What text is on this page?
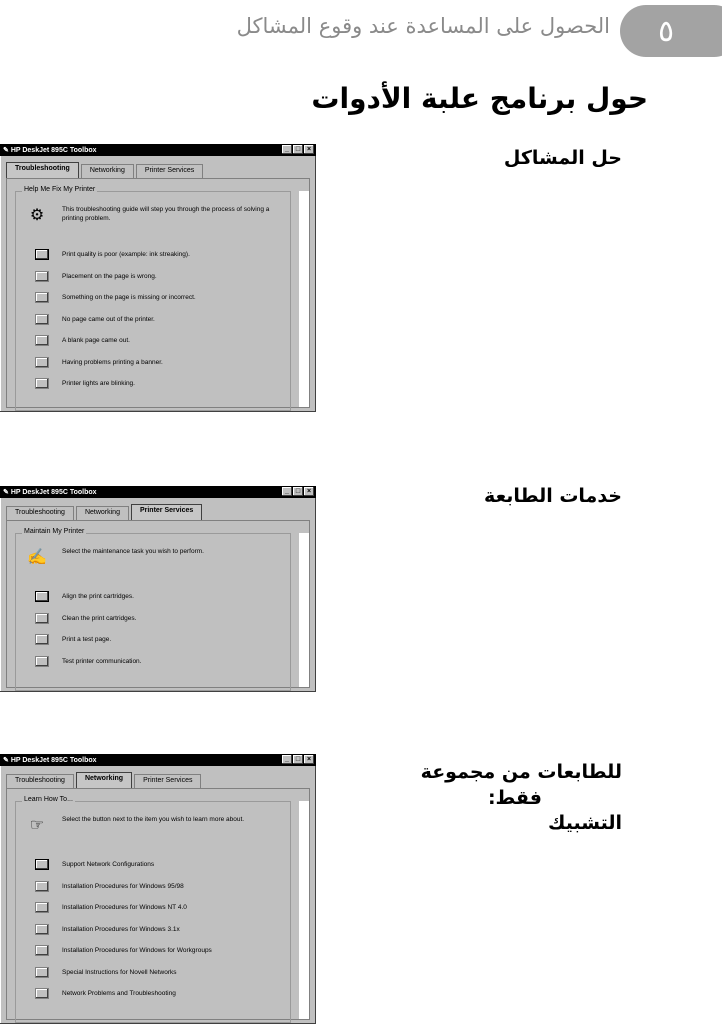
٥
الحصول على المساعدة عند وقوع المشاكل
حول برنامج علبة الأدوات
حل المشاكل
خدمات الطابعة
للطابعات من مجموعة
فقط:
التشبيك
✎ HP DeskJet 895C Toolbox	_ □ ×
Troubleshooting	Networking	Printer Services
Help Me Fix My Printer
⚙	This troubleshooting guide will step you through the process of solving a printing problem.
Print quality is poor (example: ink streaking).
Placement on the page is wrong.
Something on the page is missing or incorrect.
No page came out of the printer.
A blank page came out.
Having problems printing a banner.
Printer lights are blinking.
✎ HP DeskJet 895C Toolbox	_ □ ×
Troubleshooting	Networking	Printer Services
Maintain My Printer
✍ Select the maintenance task you wish to perform.
Align the print cartridges.
Clean the print cartridges.
Print a test page.
Test printer communication.
✎ HP DeskJet 895C Toolbox	_ □ ×
Troubleshooting	Networking	Printer Services
Learn How To...
☞	Select the button next to the item you wish to learn more about.
Support Network Configurations
Installation Procedures for Windows 95/98
Installation Procedures for Windows NT 4.0
Installation Procedures for Windows 3.1x
Installation Procedures for Windows for Workgroups
Special Instructions for Novell Networks
Network Problems and Troubleshooting
